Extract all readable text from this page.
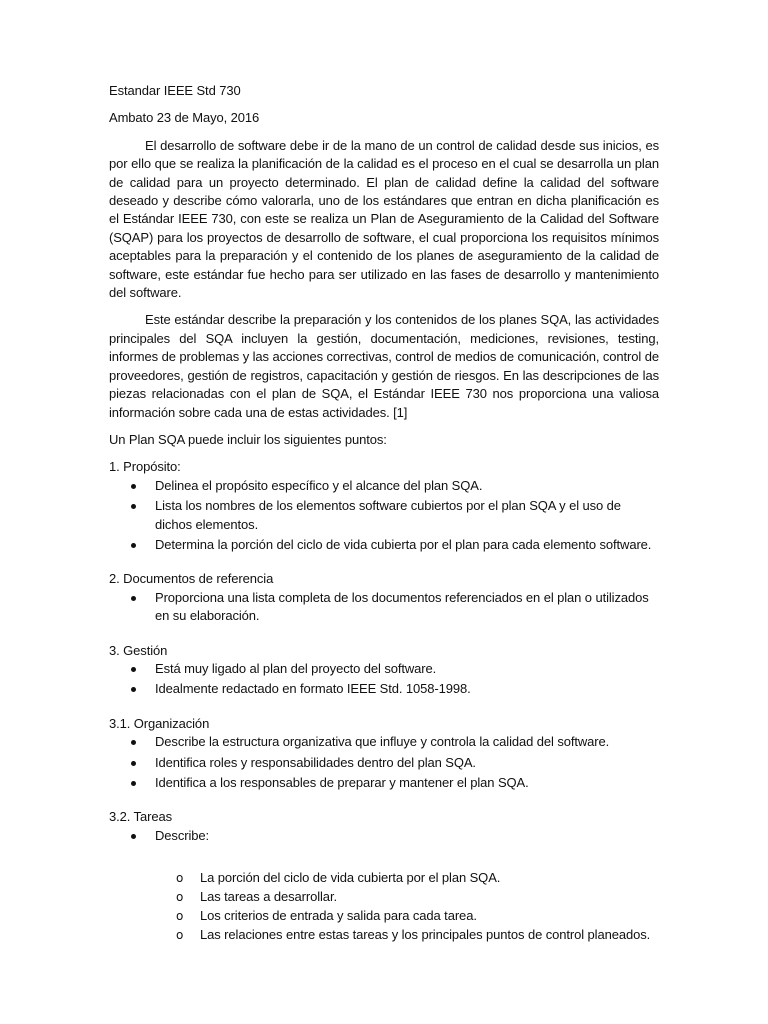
Estandar IEEE Std 730

Ambato 23 de Mayo, 2016

El desarrollo de software debe ir de la mano de un control de calidad desde sus inicios, es por ello que se realiza la planificación de la calidad es el proceso en el cual se desarrolla un plan de calidad para un proyecto determinado. El plan de calidad define la calidad del software deseado y describe cómo valorarla, uno de los estándares que entran en dicha planificación es el Estándar IEEE 730, con este se realiza un Plan de Aseguramiento de la Calidad del Software (SQAP) para los proyectos de desarrollo de software, el cual proporciona los requisitos mínimos aceptables para la preparación y el contenido de los planes de aseguramiento de la calidad de software, este estándar fue hecho para ser utilizado en las fases de desarrollo y mantenimiento del software.

Este estándar describe la preparación y los contenidos de los planes SQA, las actividades principales del SQA incluyen la gestión, documentación, mediciones, revisiones, testing, informes de problemas y las acciones correctivas, control de medios de comunicación, control de proveedores, gestión de registros, capacitación y gestión de riesgos. En las descripciones de las piezas relacionadas con el plan de SQA, el Estándar IEEE 730 nos proporciona una valiosa información sobre cada una de estas actividades. [1]

Un Plan SQA puede incluir los siguientes puntos:

1. Propósito:

Delinea el propósito específico y el alcance del plan SQA.
Lista los nombres de los elementos software cubiertos por el plan SQA y el uso de dichos elementos.
Determina la porción del ciclo de vida cubierta por el plan para cada elemento software.

2. Documentos de referencia

Proporciona una lista completa de los documentos referenciados en el plan o utilizados en su elaboración.

3. Gestión

Está muy ligado al plan del proyecto del software.
Idealmente redactado en formato IEEE Std. 1058-1998.

3.1. Organización

Describe la estructura organizativa que influye y controla la calidad del software.
Identifica roles y responsabilidades dentro del plan SQA.
Identifica a los responsables de preparar y mantener el plan SQA.

3.2. Tareas

Describe:
o La porción del ciclo de vida cubierta por el plan SQA.
o Las tareas a desarrollar.
o Los criterios de entrada y salida para cada tarea.
o Las relaciones entre estas tareas y los principales puntos de control planeados.
